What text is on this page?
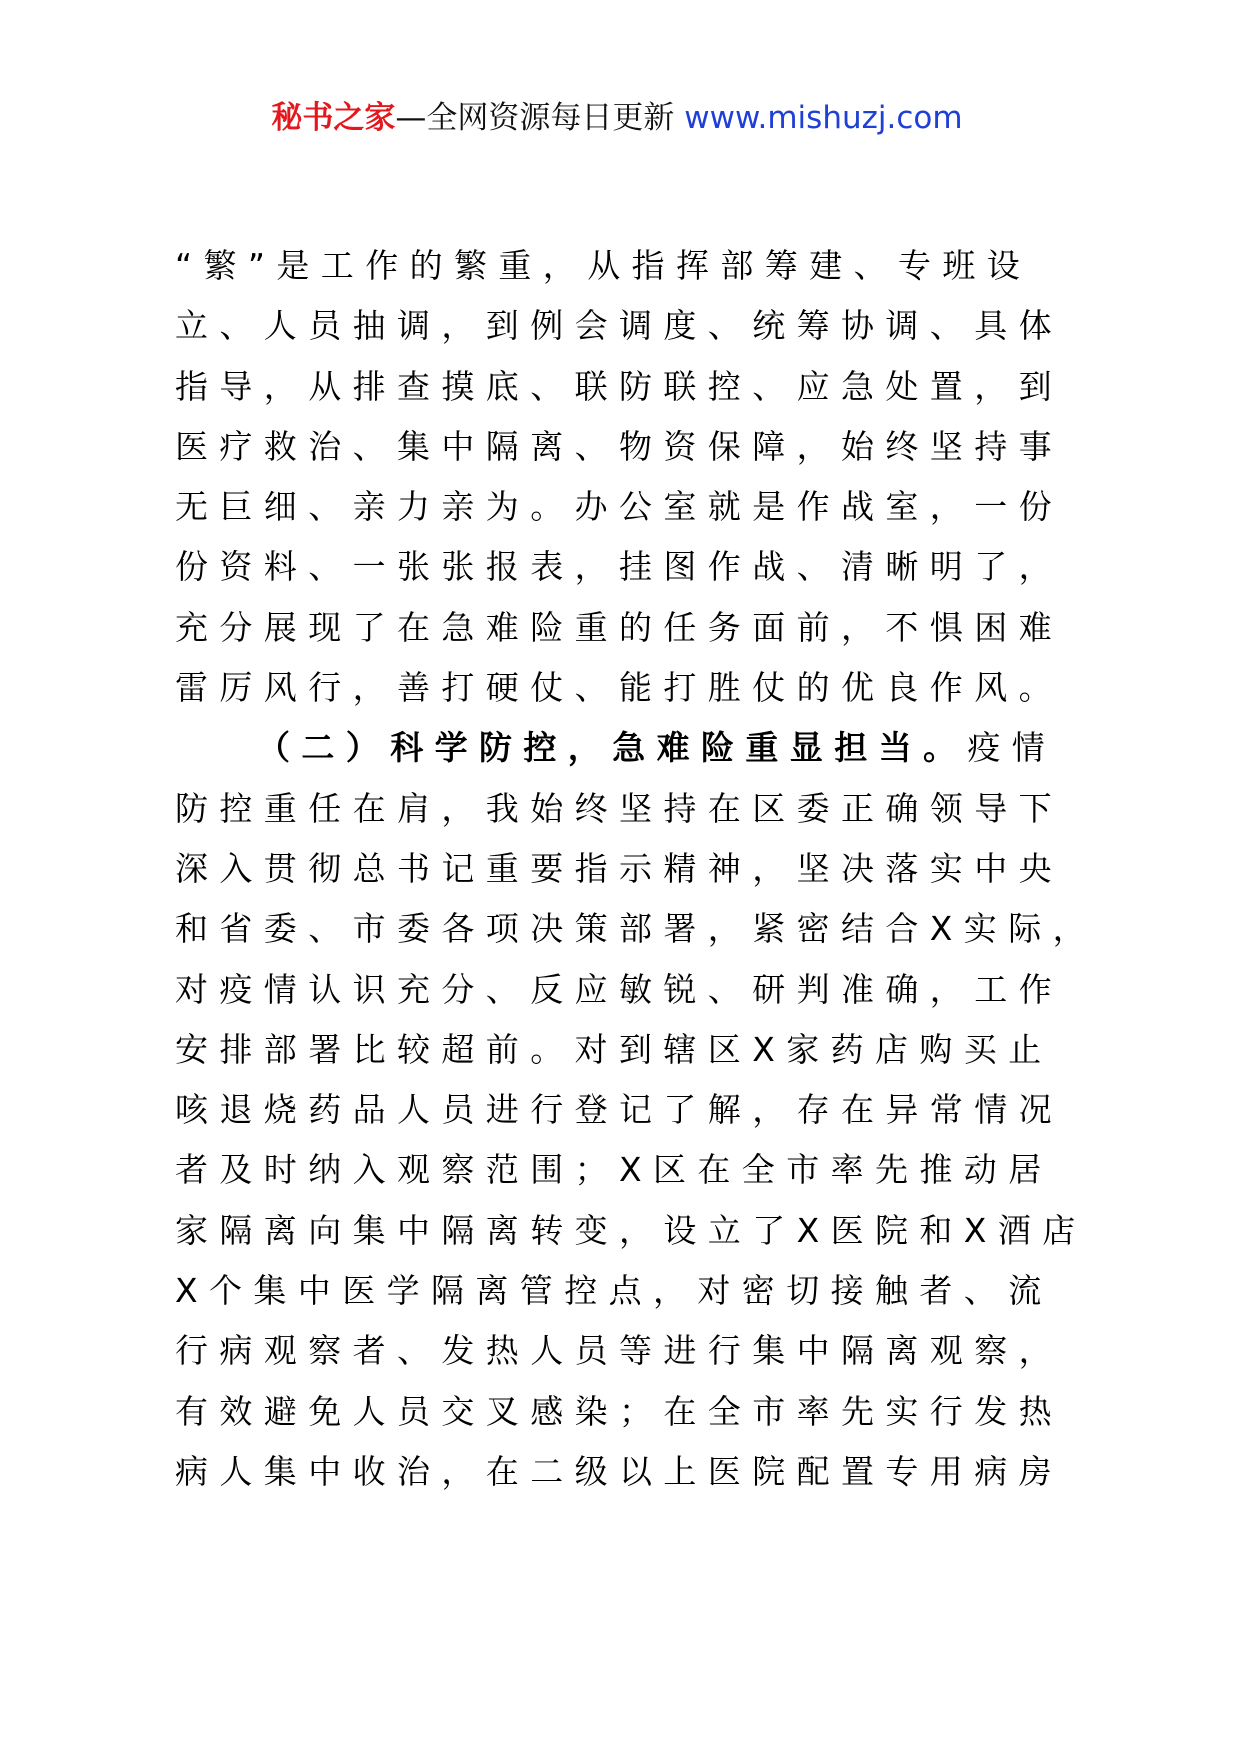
秘书之家—全网资源每日更新 www.mishuzj.com
“繁”是工作的繁重，从指挥部筹建、专班设
立、人员抽调，到例会调度、统筹协调、具体
指导，从排查摸底、联防联控、应急处置，到
医疗救治、集中隔离、物资保障，始终坚持事
无巨细、亲力亲为。办公室就是作战室，一份
份资料、一张张报表，挂图作战、清晰明了，
充分展现了在急难险重的任务面前，不惧困难
雷厉风行，善打硬仗、能打胜仗的优良作风。
（二）科学防控，急难险重显担当。疫情
防控重任在肩，我始终坚持在区委正确领导下
深入贯彻总书记重要指示精神，坚决落实中央
和省委、市委各项决策部署，紧密结合X实际，
对疫情认识充分、反应敏锐、研判准确，工作
安排部署比较超前。对到辖区X家药店购买止
咳退烧药品人员进行登记了解，存在异常情况
者及时纳入观察范围；X区在全市率先推动居
家隔离向集中隔离转变，设立了X医院和X酒店
X个集中医学隔离管控点，对密切接触者、流
行病观察者、发热人员等进行集中隔离观察，
有效避免人员交叉感染；在全市率先实行发热
病人集中收治，在二级以上医院配置专用病房
